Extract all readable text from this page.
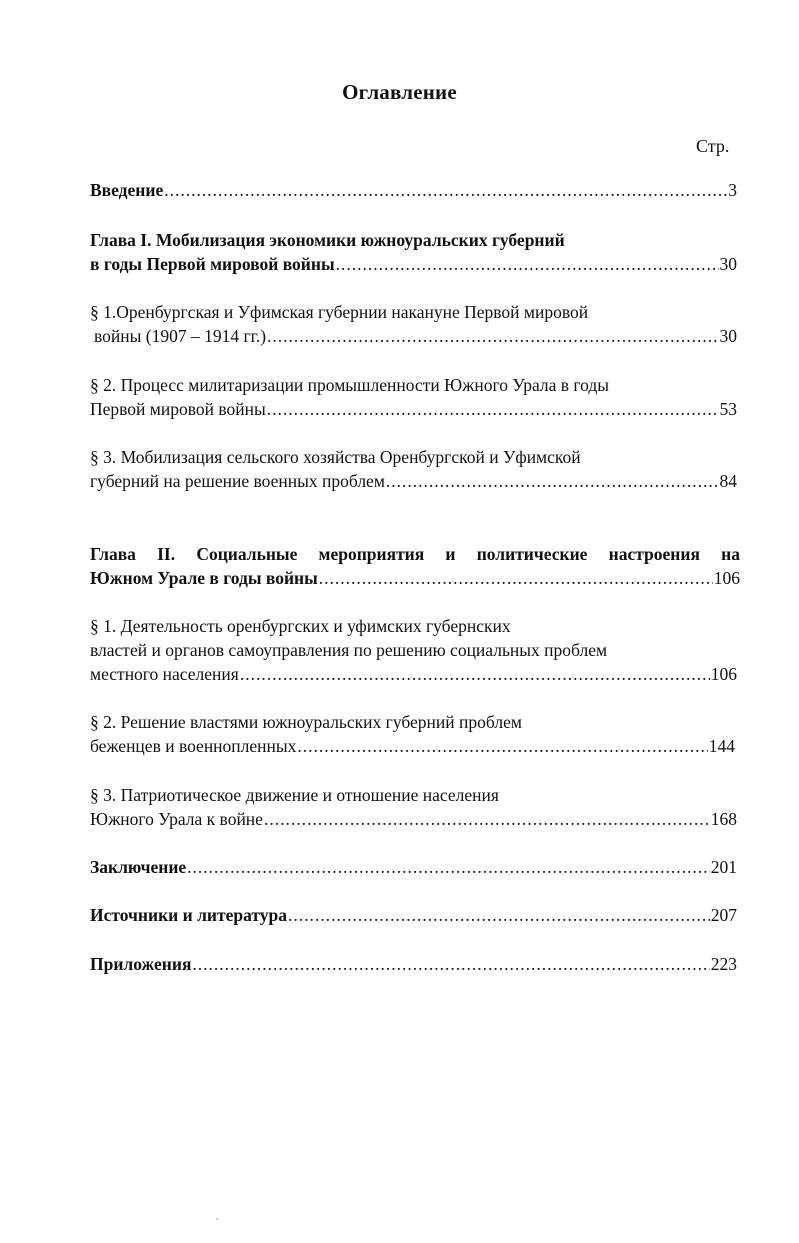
Оглавление
Стр.
Введение .....	3
Глава I. Мобилизация экономики южноуральских губерний
в годы Первой мировой войны .....	30
§ 1.Оренбургская и Уфимская губернии накануне Первой мировой
войны (1907 – 1914 гг.) .....	30
§ 2. Процесс милитаризации промышленности Южного Урала в годы
Первой мировой войны .....	53
§ 3. Мобилизация сельского хозяйства Оренбургской и Уфимской
губерний на решение военных проблем .....	84
Глава II. Социальные мероприятия и политические настроения на
Южном Урале в годы войны .....	106
§ 1. Деятельность оренбургских и уфимских губернских
властей и органов самоуправления по решению социальных проблем
местного населения .....	106
§ 2. Решение властями южноуральских губерний проблем
беженцев и военнопленных .....	144
§ 3. Патриотическое движение и отношение населения
Южного Урала к войне .....	168
Заключение .....	201
Источники и литература .....	207
Приложения .....	223
